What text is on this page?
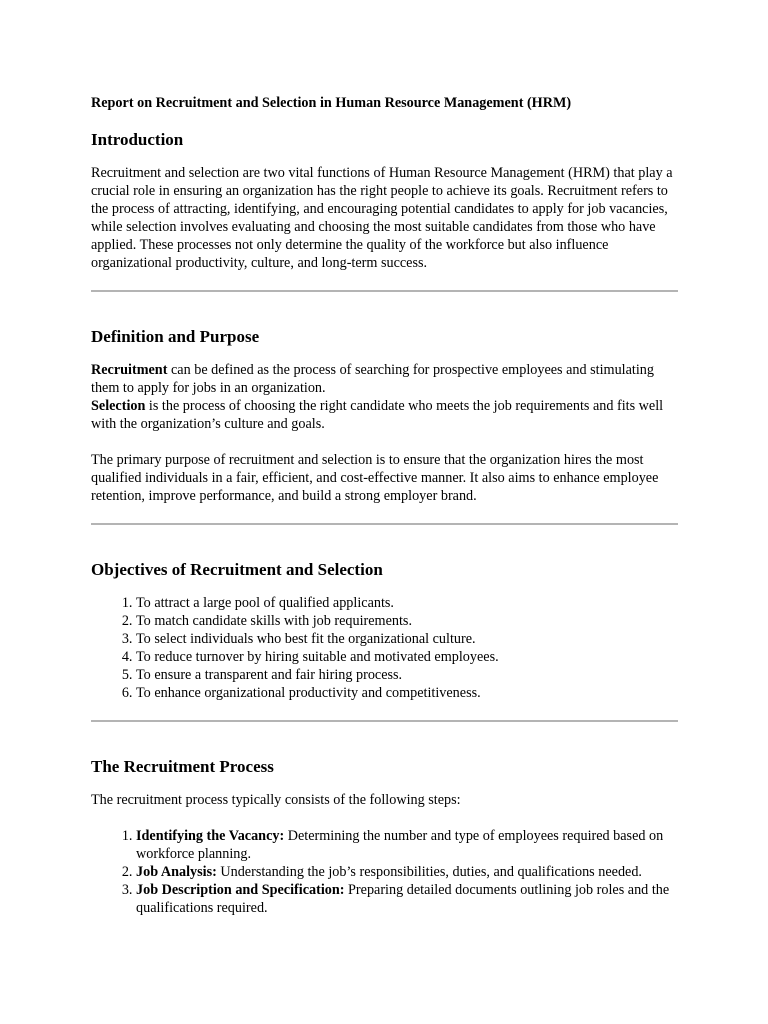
Report on Recruitment and Selection in Human Resource Management (HRM)

Introduction

Recruitment and selection are two vital functions of Human Resource Management (HRM) that play a crucial role in ensuring an organization has the right people to achieve its goals. Recruitment refers to the process of attracting, identifying, and encouraging potential candidates to apply for job vacancies, while selection involves evaluating and choosing the most suitable candidates from those who have applied. These processes not only determine the quality of the workforce but also influence organizational productivity, culture, and long-term success.

Definition and Purpose

Recruitment can be defined as the process of searching for prospective employees and stimulating them to apply for jobs in an organization.

Selection is the process of choosing the right candidate who meets the job requirements and fits well with the organization’s culture and goals.

The primary purpose of recruitment and selection is to ensure that the organization hires the most qualified individuals in a fair, efficient, and cost-effective manner. It also aims to enhance employee retention, improve performance, and build a strong employer brand.

Objectives of Recruitment and Selection
1. To attract a large pool of qualified applicants.
2. To match candidate skills with job requirements.
3. To select individuals who best fit the organizational culture.
4. To reduce turnover by hiring suitable and motivated employees.
5. To ensure a transparent and fair hiring process.
6. To enhance organizational productivity and competitiveness.
The Recruitment Process

The recruitment process typically consists of the following steps:

1. Identifying the Vacancy: Determining the number and type of employees required based on workforce planning.
2. Job Analysis: Understanding the job’s responsibilities, duties, and qualifications needed.
3. Job Description and Specification: Preparing detailed documents outlining job roles and the qualifications required.
